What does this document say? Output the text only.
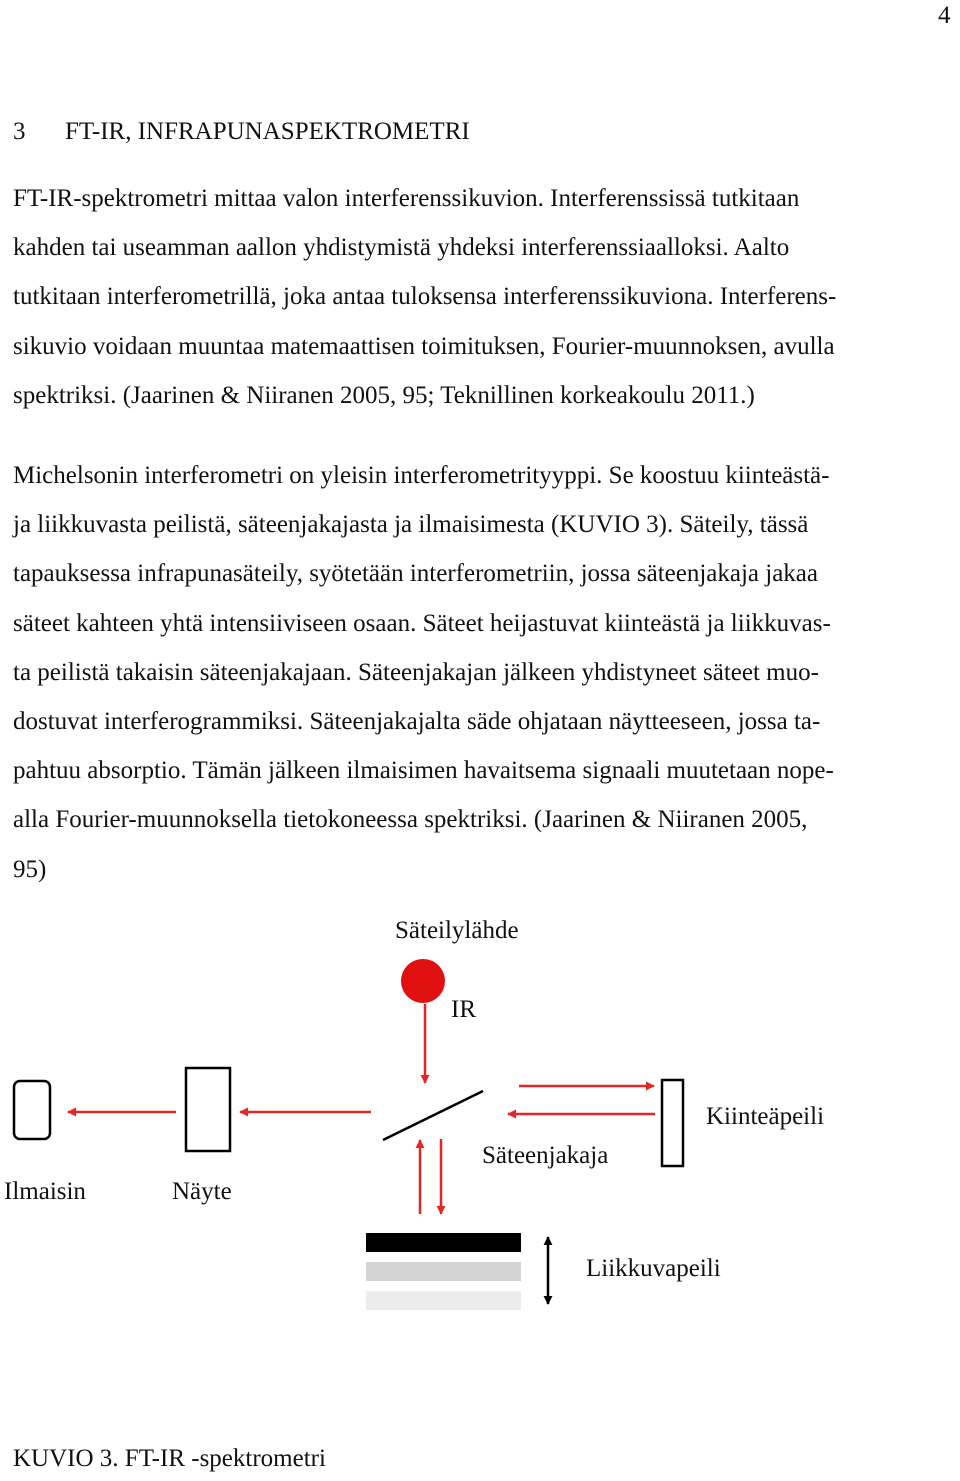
4
3 FT-IR, INFRAPUNASPEKTROMETRI
FT-IR-spektrometri mittaa valon interferenssikuvion. Interferenssissä tutkitaan
kahden tai useamman aallon yhdistymistä yhdeksi interferenssiaalloksi. Aalto
tutkitaan interferometrillä, joka antaa tuloksensa interferenssikuviona. Interferens-
sikuvio voidaan muuntaa matemaattisen toimituksen, Fourier-muunnoksen, avulla
spektriksi. (Jaarinen & Niiranen 2005, 95; Teknillinen korkeakoulu 2011.)
Michelsonin interferometri on yleisin interferometrityyppi. Se koostuu kiinteästä-
ja liikkuvasta peilistä, säteenjakajasta ja ilmaisimesta (KUVIO 3). Säteily, tässä
tapauksessa infrapunasäteily, syötetään interferometriin, jossa säteenjakaja jakaa
säteet kahteen yhtä intensiiviseen osaan. Säteet heijastuvat kiinteästä ja liikkuvas-
ta peilistä takaisin säteenjakajaan. Säteenjakajan jälkeen yhdistyneet säteet muo-
dostuvat interferogrammiksi. Säteenjakajalta säde ohjataan näytteeseen, jossa ta-
pahtuu absorptio. Tämän jälkeen ilmaisimen havaitsema signaali muutetaan nope-
alla Fourier-muunnoksella tietokoneessa spektriksi. (Jaarinen & Niiranen 2005,
95)
Säteilylähde
IR
Kiinteäpeili
Säteenjakaja
Ilmaisin	Näyte
Liikkuvapeili
KUVIO 3. FT-IR -spektrometri
